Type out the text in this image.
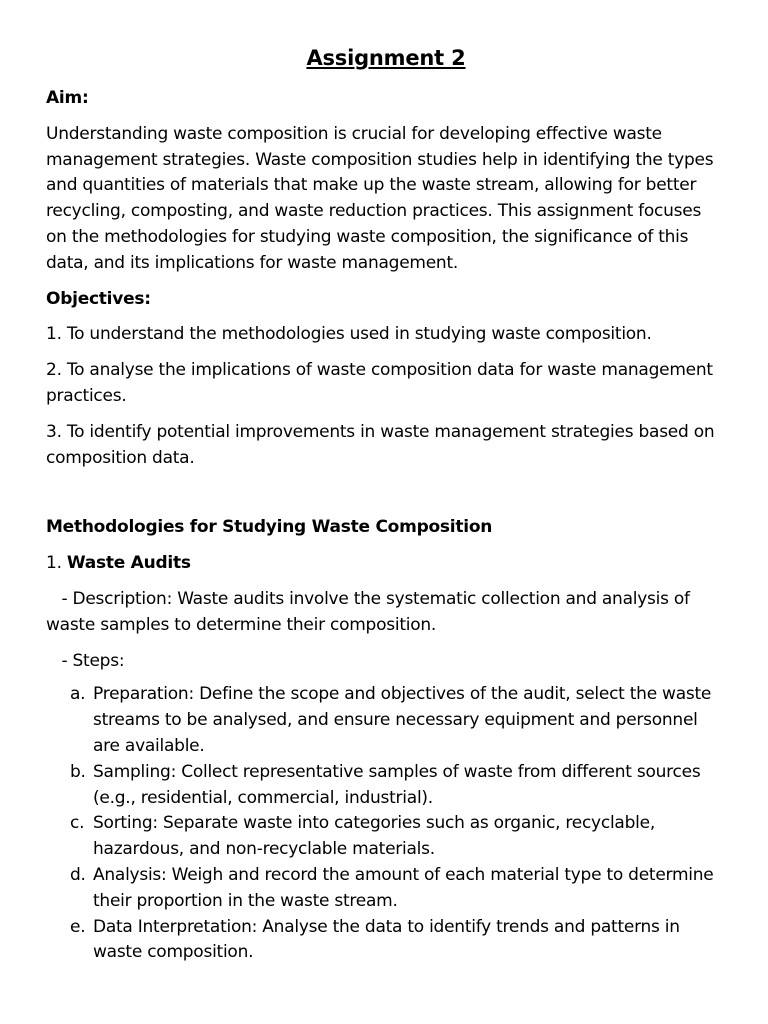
Assignment 2

Aim:

Understanding waste composition is crucial for developing effective waste management strategies. Waste composition studies help in identifying the types and quantities of materials that make up the waste stream, allowing for better recycling, composting, and waste reduction practices. This assignment focuses on the methodologies for studying waste composition, the significance of this data, and its implications for waste management.

Objectives:

1. To understand the methodologies used in studying waste composition.

2. To analyse the implications of waste composition data for waste management practices.

3. To identify potential improvements in waste management strategies based on composition data.

Methodologies for Studying Waste Composition

1. Waste Audits

- Description: Waste audits involve the systematic collection and analysis of waste samples to determine their composition.

- Steps:

a. Preparation: Define the scope and objectives of the audit, select the waste streams to be analysed, and ensure necessary equipment and personnel are available.
b. Sampling: Collect representative samples of waste from different sources (e.g., residential, commercial, industrial).
c. Sorting: Separate waste into categories such as organic, recyclable, hazardous, and non-recyclable materials.
d. Analysis: Weigh and record the amount of each material type to determine their proportion in the waste stream.
e. Data Interpretation: Analyse the data to identify trends and patterns in waste composition.
